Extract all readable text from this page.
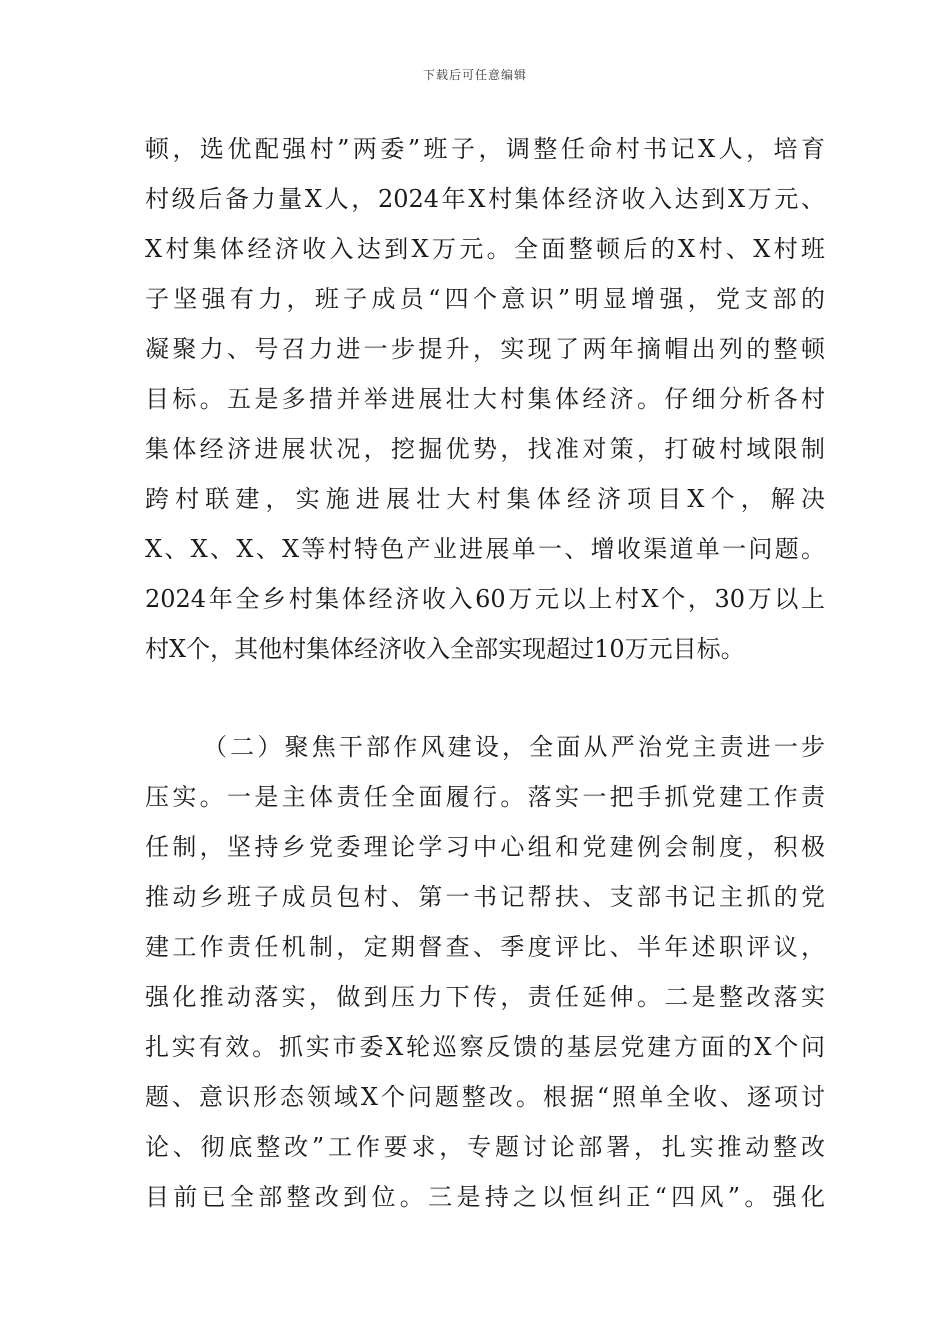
下载后可任意编辑
顿，选优配强村”两委”班子，调整任命村书记X人，培育
村级后备力量X人，2024年X村集体经济收入达到X万元、
X村集体经济收入达到X万元。全面整顿后的X村、X村班
子坚强有力，班子成员“四个意识”明显增强，党支部的
凝聚力、号召力进一步提升，实现了两年摘帽出列的整顿
目标。五是多措并举进展壮大村集体经济。仔细分析各村
集体经济进展状况，挖掘优势，找准对策，打破村域限制
跨村联建，实施进展壮大村集体经济项目X个，解决
X、X、X、X等村特色产业进展单一、增收渠道单一问题。
2024年全乡村集体经济收入60万元以上村X个，30万以上
村X个，其他村集体经济收入全部实现超过10万元目标。
（二）聚焦干部作风建设，全面从严治党主责进一步
压实。一是主体责任全面履行。落实一把手抓党建工作责
任制，坚持乡党委理论学习中心组和党建例会制度，积极
推动乡班子成员包村、第一书记帮扶、支部书记主抓的党
建工作责任机制，定期督查、季度评比、半年述职评议，
强化推动落实，做到压力下传，责任延伸。二是整改落实
扎实有效。抓实市委X轮巡察反馈的基层党建方面的X个问
题、意识形态领域X个问题整改。根据“照单全收、逐项讨
论、彻底整改”工作要求，专题讨论部署，扎实推动整改
目前已全部整改到位。三是持之以恒纠正“四风”。强化
